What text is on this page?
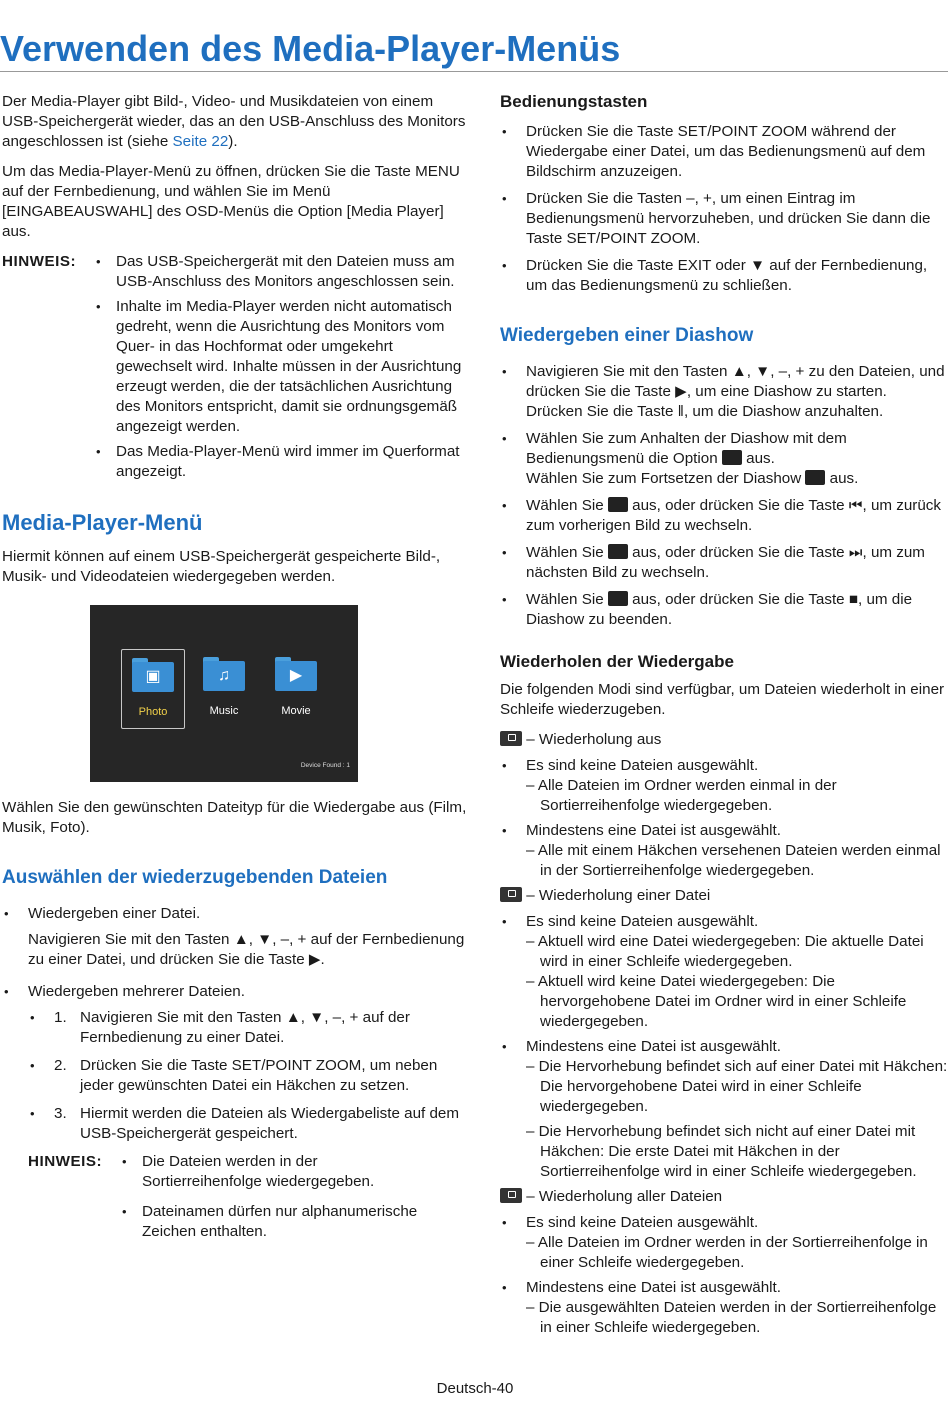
Verwenden des Media-Player-Menüs

Der Media-Player gibt Bild-, Video- und Musikdateien von einem USB-Speichergerät wieder, das an den USB-Anschluss des Monitors angeschlossen ist (siehe Seite 22).

Um das Media-Player-Menü zu öffnen, drücken Sie die Taste MENU auf der Fernbedienung, und wählen Sie im Menü [EINGABEAUSWAHL] des OSD-Menüs die Option [Media Player] aus.

HINWEIS:	• Das USB-Speichergerät mit den Dateien muss am USB-Anschluss des Monitors angeschlossen sein.
• Inhalte im Media-Player werden nicht automatisch gedreht, wenn die Ausrichtung des Monitors vom Quer- in das Hochformat oder umgekehrt gewechselt wird. Inhalte müssen in der Ausrichtung erzeugt werden, die der tatsächlichen Ausrichtung des Monitors entspricht, damit sie ordnungsgemäß angezeigt werden.
• Das Media-Player-Menü wird immer im Querformat angezeigt.
Media-Player-Menü

Hiermit können auf einem USB-Speichergerät gespeicherte Bild-, Musik- und Videodateien wiedergegeben werden.

▣
Photo
♫
Music
▶
Movie
Device Found : 1

Wählen Sie den gewünschten Dateityp für die Wiedergabe aus (Film, Musik, Foto).

Auswählen der wiederzugebenden Dateien
• Wiedergeben einer Datei.
Navigieren Sie mit den Tasten ▲, ▼, –, + auf der Fernbedienung zu einer Datei, und drücken Sie die Taste ▶.
• Wiedergeben mehrerer Dateien.
• 1. Navigieren Sie mit den Tasten ▲, ▼, –, + auf der Fernbedienung zu einer Datei.
• 2. Drücken Sie die Taste SET/POINT ZOOM, um neben jeder gewünschten Datei ein Häkchen zu setzen.
• 3. Hiermit werden die Dateien als Wiedergabeliste auf dem USB-Speichergerät gespeichert.
HINWEIS:	• Die Dateien werden in der Sortierreihenfolge wiedergegeben.
• Dateinamen dürfen nur alphanumerische Zeichen enthalten.
Bedienungstasten
• Drücken Sie die Taste SET/POINT ZOOM während der Wiedergabe einer Datei, um das Bedienungsmenü auf dem Bildschirm anzuzeigen.
• Drücken Sie die Tasten –, +, um einen Eintrag im Bedienungsmenü hervorzuheben, und drücken Sie dann die Taste SET/POINT ZOOM.
• Drücken Sie die Taste EXIT oder ▼ auf der Fernbedienung, um das Bedienungsmenü zu schließen.
Wiedergeben einer Diashow
• Navigieren Sie mit den Tasten ▲, ▼, –, + zu den Dateien, und drücken Sie die Taste ▶, um eine Diashow zu starten.
Drücken Sie die Taste ‖, um die Diashow anzuhalten.
• Wählen Sie zum Anhalten der Diashow mit dem Bedienungsmenü die Option aus.
Wählen Sie zum Fortsetzen der Diashow aus.
• Wählen Sie aus, oder drücken Sie die Taste ⏮, um zurück zum vorherigen Bild zu wechseln.
• Wählen Sie aus, oder drücken Sie die Taste ⏭, um zum nächsten Bild zu wechseln.
• Wählen Sie aus, oder drücken Sie die Taste ■, um die Diashow zu beenden.
Wiederholen der Wiedergabe

Die folgenden Modi sind verfügbar, um Dateien wiederholt in einer Schleife wiederzugeben.

– Wiederholung aus
• Es sind keine Dateien ausgewählt.
– Alle Dateien im Ordner werden einmal in der Sortierreihenfolge wiedergegeben.
• Mindestens eine Datei ist ausgewählt.
– Alle mit einem Häkchen versehenen Dateien werden einmal in der Sortierreihenfolge wiedergegeben.
– Wiederholung einer Datei
• Es sind keine Dateien ausgewählt.
– Aktuell wird eine Datei wiedergegeben: Die aktuelle Datei wird in einer Schleife wiedergegeben.
– Aktuell wird keine Datei wiedergegeben: Die hervorgehobene Datei im Ordner wird in einer Schleife wiedergegeben.
• Mindestens eine Datei ist ausgewählt.
– Die Hervorhebung befindet sich auf einer Datei mit Häkchen: Die hervorgehobene Datei wird in einer Schleife wiedergegeben.
– Die Hervorhebung befindet sich nicht auf einer Datei mit Häkchen: Die erste Datei mit Häkchen in der Sortierreihenfolge wird in einer Schleife wiedergegeben.
– Wiederholung aller Dateien
• Es sind keine Dateien ausgewählt.
– Alle Dateien im Ordner werden in der Sortierreihenfolge in einer Schleife wiedergegeben.
• Mindestens eine Datei ist ausgewählt.
– Die ausgewählten Dateien werden in der Sortierreihenfolge in einer Schleife wiedergegeben.
Deutsch-40
